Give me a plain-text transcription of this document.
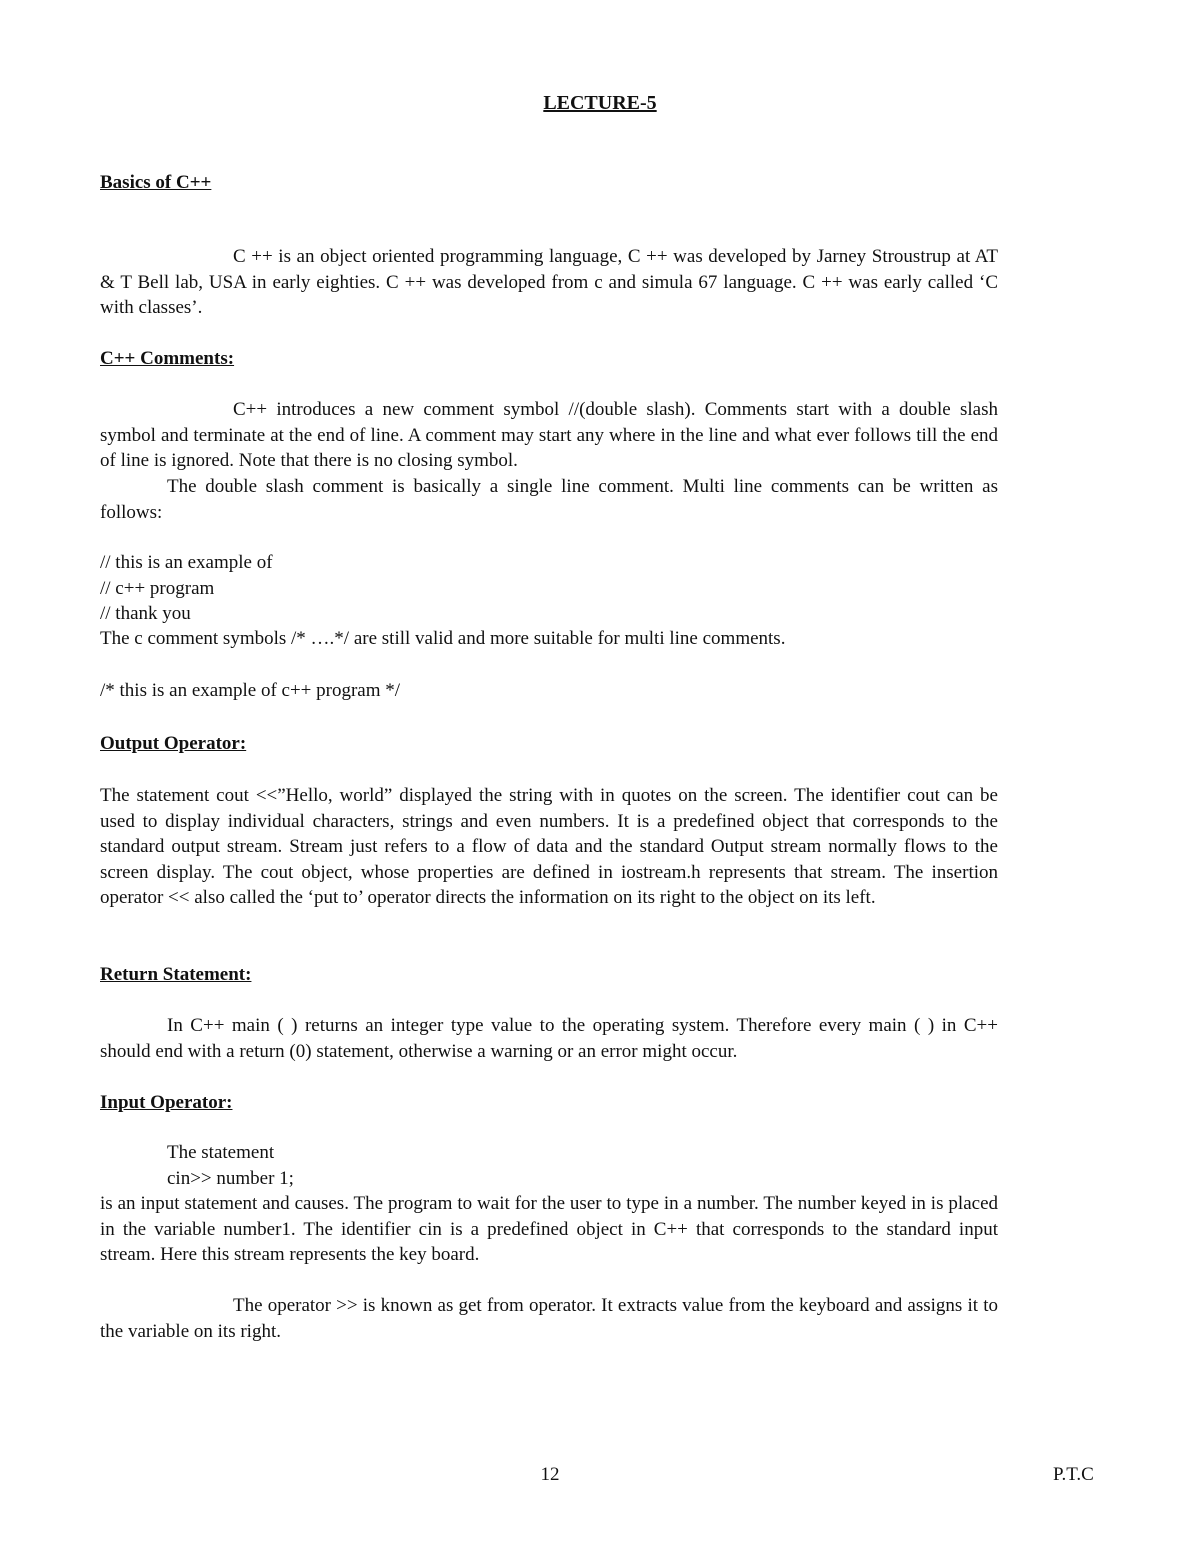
LECTURE-5
Basics of C++

C ++ is an object oriented programming language, C ++ was developed by Jarney Stroustrup at AT & T Bell lab, USA in early eighties. C ++ was developed from c and simula 67 language. C ++ was early called ‘C with classes’.

C++ Comments:

C++ introduces a new comment symbol //(double slash). Comments start with a double slash symbol and terminate at the end of line. A comment may start any where in the line and what ever follows till the end of line is ignored. Note that there is no closing symbol.

The double slash comment is basically a single line comment. Multi line comments can be written as follows:

// this is an example of
// c++ program
// thank you
The c comment symbols /* ….*/ are still valid and more suitable for multi line comments.
/* this is an example of c++ program */
Output Operator:

The statement cout <<”Hello, world” displayed the string with in quotes on the screen. The identifier cout can be used to display individual characters, strings and even numbers. It is a predefined object that corresponds to the standard output stream. Stream just refers to a flow of data and the standard Output stream normally flows to the screen display. The cout object, whose properties are defined in iostream.h represents that stream. The insertion operator << also called the ‘put to’ operator directs the information on its right to the object on its left.

Return Statement:

In C++ main ( ) returns an integer type value to the operating system. Therefore every main ( ) in C++ should end with a return (0) statement, otherwise a warning or an error might occur.

Input Operator:
The statement
cin>> number 1;

is an input statement and causes. The program to wait for the user to type in a number. The number keyed in is placed in the variable number1. The identifier cin is a predefined object in C++ that corresponds to the standard input stream. Here this stream represents the key board.

The operator >> is known as get from operator. It extracts value from the keyboard and assigns it to the variable on its right.

12	P.T.C
